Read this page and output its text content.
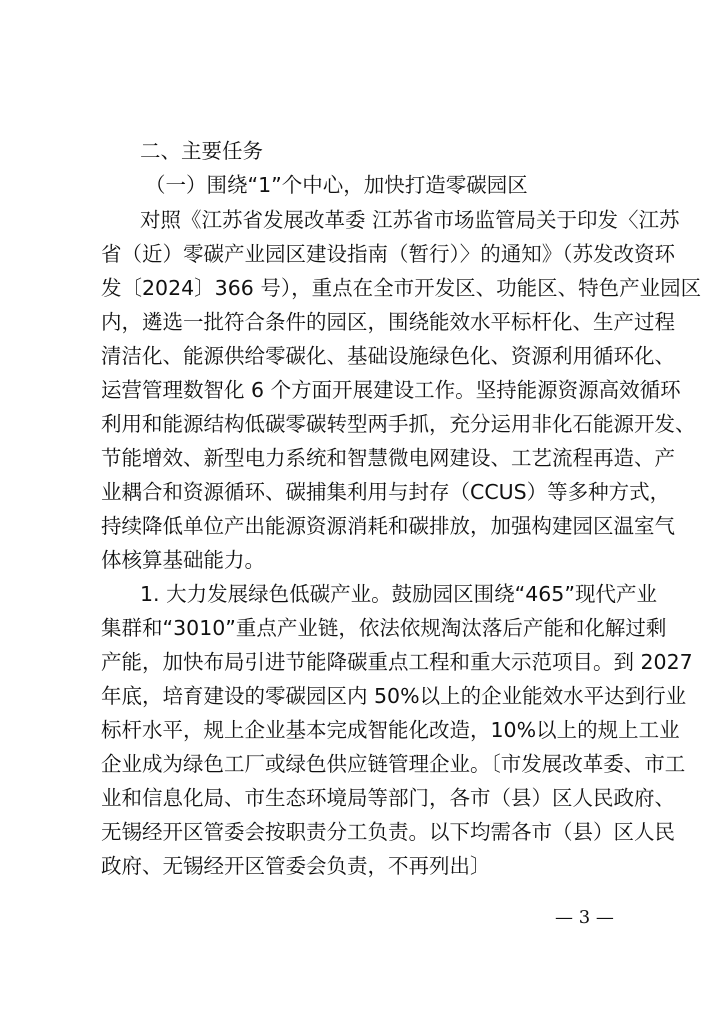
二、主要任务
（一）围绕“1”个中心，加快打造零碳园区
对照《江苏省发展改革委 江苏省市场监管局关于印发〈江苏
省（近）零碳产业园区建设指南（暂行）〉的通知》（苏发改资环
发〔2024〕366 号），重点在全市开发区、功能区、特色产业园区
内，遴选一批符合条件的园区，围绕能效水平标杆化、生产过程
清洁化、能源供给零碳化、基础设施绿色化、资源利用循环化、
运营管理数智化 6 个方面开展建设工作。坚持能源资源高效循环
利用和能源结构低碳零碳转型两手抓，充分运用非化石能源开发、
节能增效、新型电力系统和智慧微电网建设、工艺流程再造、产
业耦合和资源循环、碳捕集利用与封存（CCUS）等多种方式，
持续降低单位产出能源资源消耗和碳排放，加强构建园区温室气
体核算基础能力。
1. 大力发展绿色低碳产业。鼓励园区围绕“465”现代产业
集群和“3010”重点产业链，依法依规淘汰落后产能和化解过剩
产能，加快布局引进节能降碳重点工程和重大示范项目。到 2027
年底，培育建设的零碳园区内 50%以上的企业能效水平达到行业
标杆水平，规上企业基本完成智能化改造，10%以上的规上工业
企业成为绿色工厂或绿色供应链管理企业。〔市发展改革委、市工
业和信息化局、市生态环境局等部门，各市（县）区人民政府、
无锡经开区管委会按职责分工负责。以下均需各市（县）区人民
政府、无锡经开区管委会负责，不再列出〕
— 3 —
